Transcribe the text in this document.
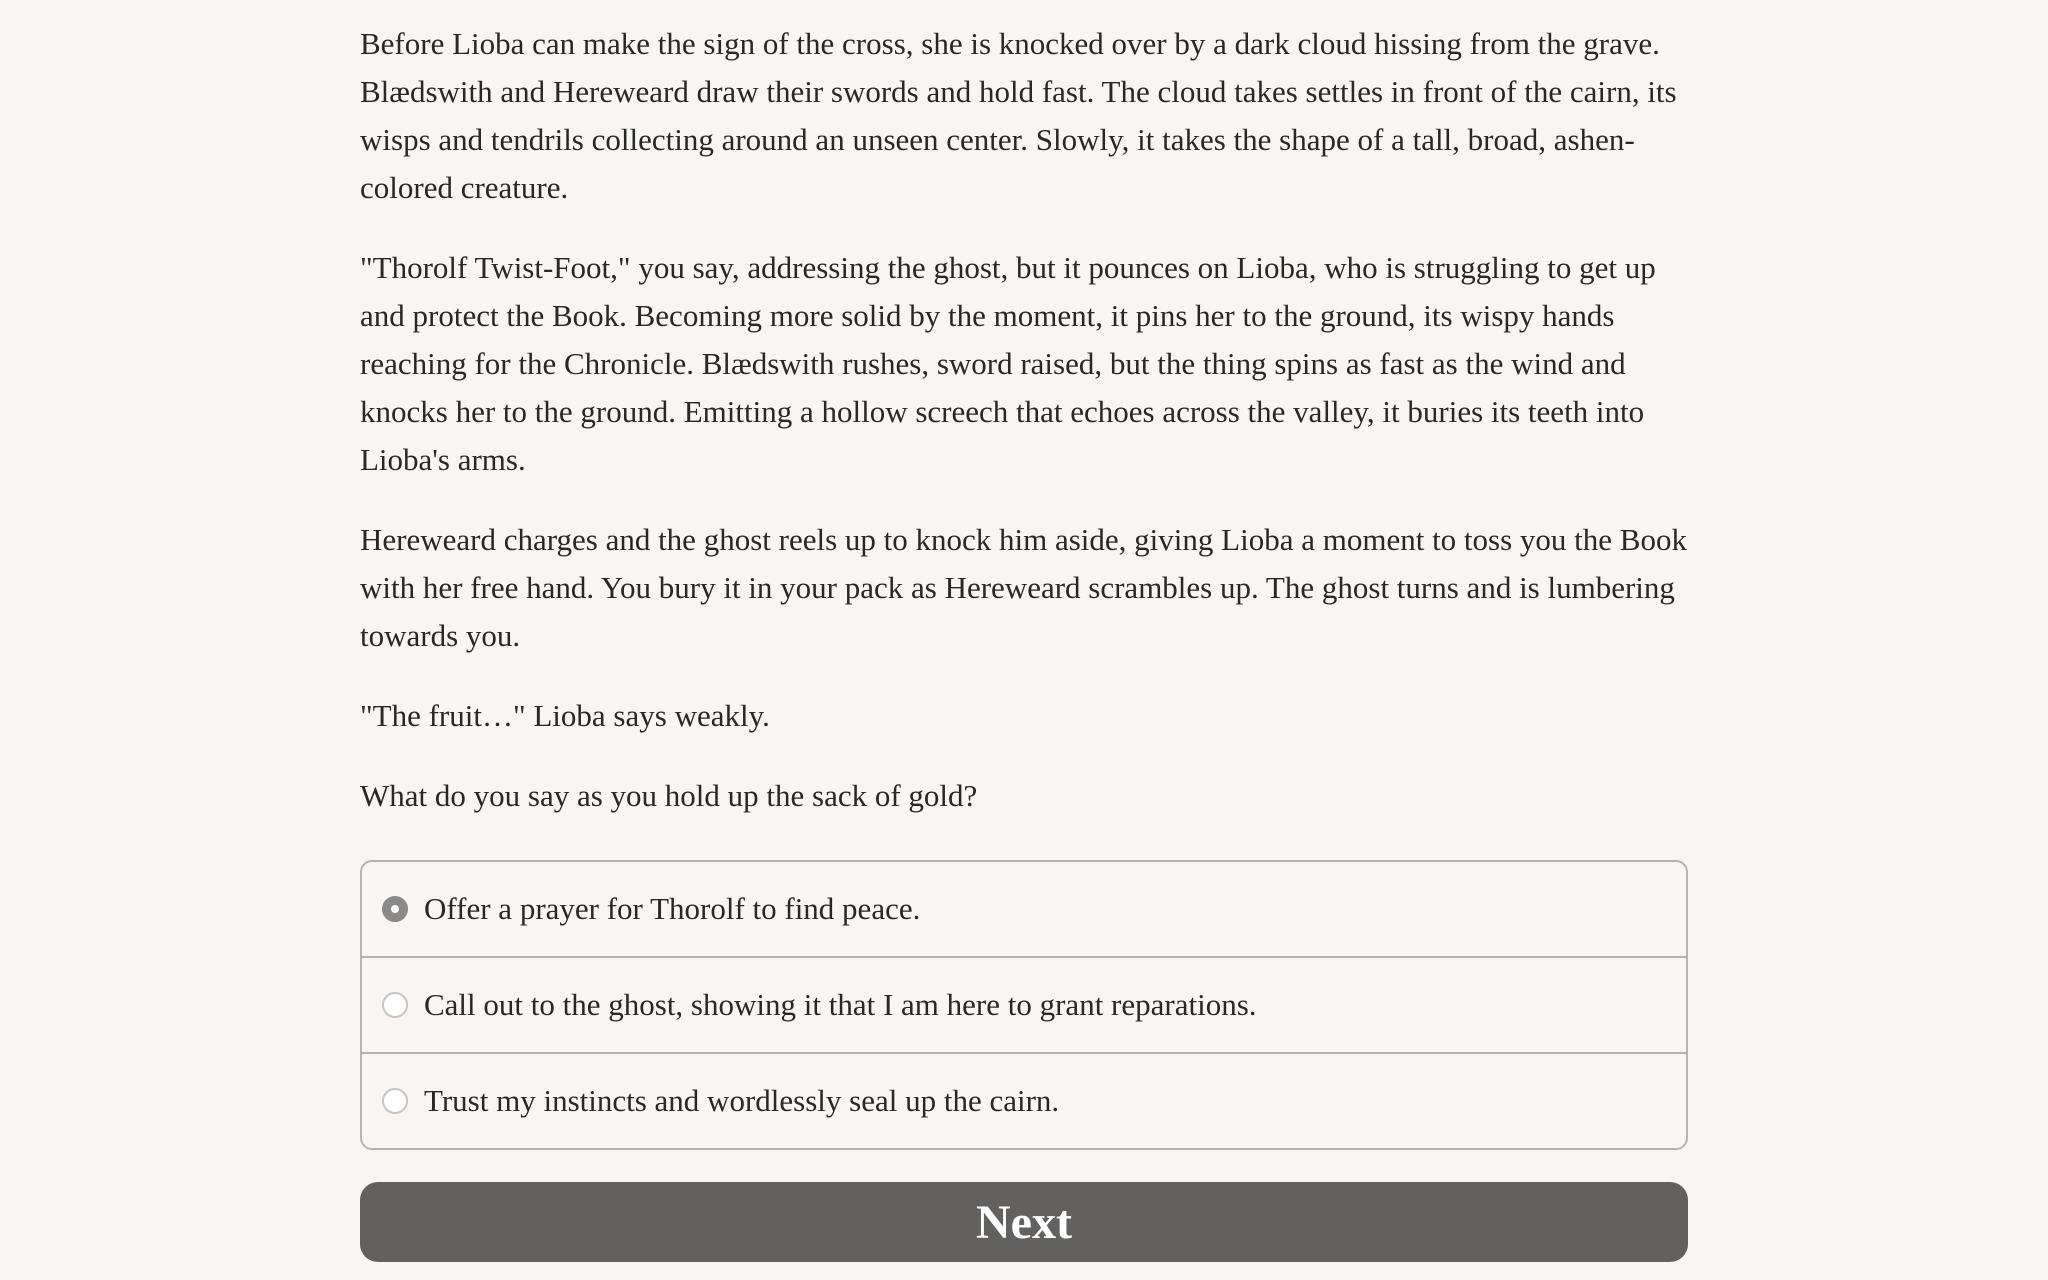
Before Lioba can make the sign of the cross, she is knocked over by a dark cloud hissing from the grave. Blædswith and Hereweard draw their swords and hold fast. The cloud takes settles in front of the cairn, its wisps and tendrils collecting around an unseen center. Slowly, it takes the shape of a tall, broad, ashen-colored creature.

"Thorolf Twist-Foot," you say, addressing the ghost, but it pounces on Lioba, who is struggling to get up and protect the Book. Becoming more solid by the moment, it pins her to the ground, its wispy hands reaching for the Chronicle. Blædswith rushes, sword raised, but the thing spins as fast as the wind and knocks her to the ground. Emitting a hollow screech that echoes across the valley, it buries its teeth into Lioba's arms.

Hereweard charges and the ghost reels up to knock him aside, giving Lioba a moment to toss you the Book with her free hand. You bury it in your pack as Hereweard scrambles up. The ghost turns and is lumbering towards you.

"The fruit…" Lioba says weakly.

What do you say as you hold up the sack of gold?

Offer a prayer for Thorolf to find peace.
Call out to the ghost, showing it that I am here to grant reparations.
Trust my instincts and wordlessly seal up the cairn.
Next
